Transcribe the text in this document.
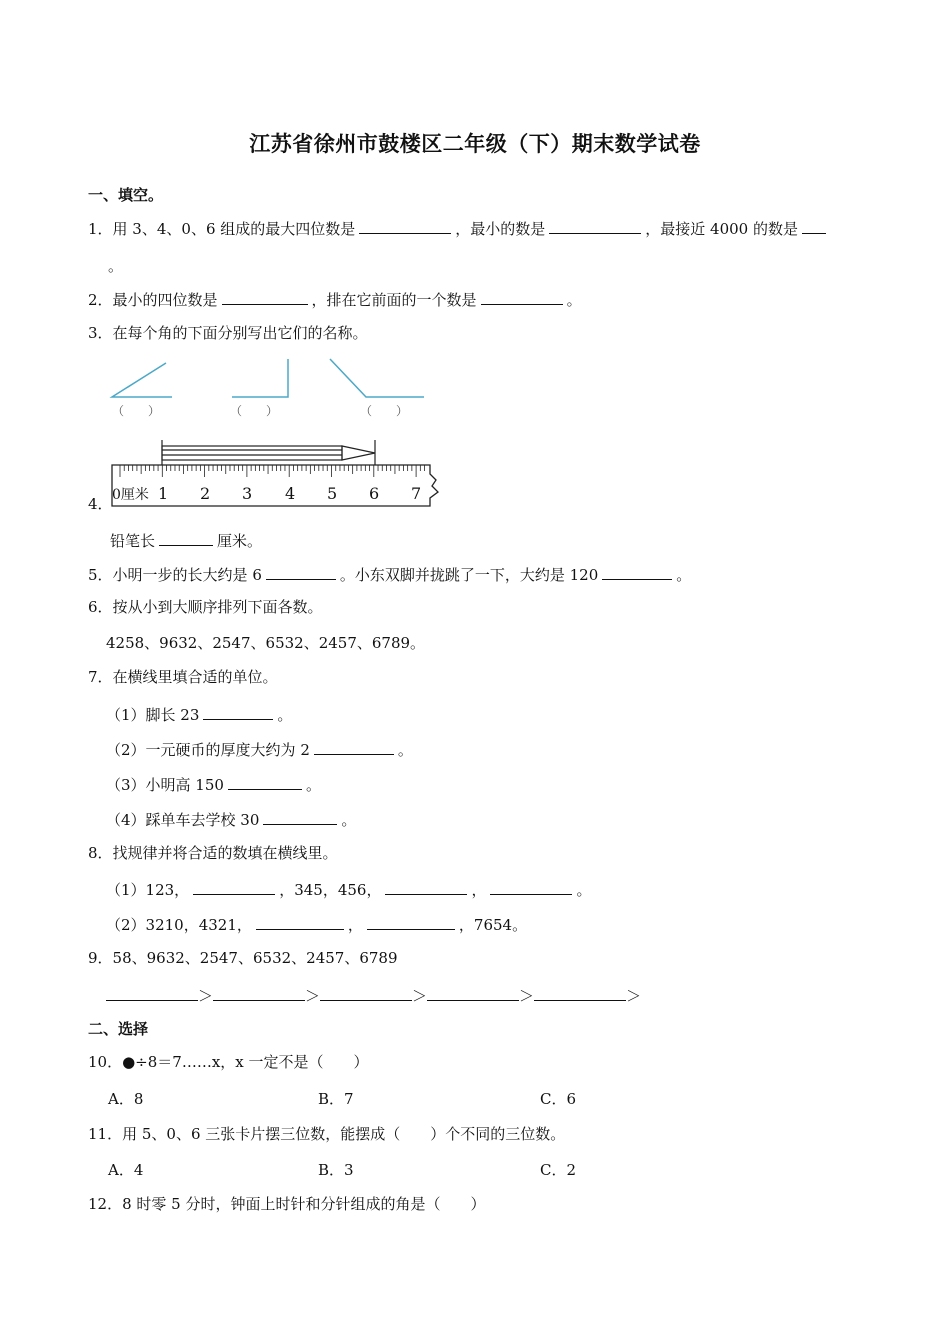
江苏省徐州市鼓楼区二年级（下）期末数学试卷
一、填空。
1．用 3、4、0、6 组成的最大四位数是	，最小的数是	，最接近 4000 的数是
。
2．最小的四位数是	，排在它前面的一个数是	。
3．在每个角的下面分别写出它们的名称。
（　　）	（　　）	（　　）
0厘米 1 2 3 4 5 6 7
4．
铅笔长	厘米。
5．小明一步的长大约是 6	。小东双脚并拢跳了一下，大约是 120	。
6．按从小到大顺序排列下面各数。
4258、9632、2547、6532、2457、6789。
7．在横线里填合适的单位。
（1）脚长 23	。
（2）一元硬币的厚度大约为 2	。
（3）小明高 150	。
（4）踩单车去学校 30	。
8．找规律并将合适的数填在横线里。
（1）123，	，345，456，	，	。
（2）3210，4321，	，	，7654。
9．58、9632、2547、6532、2457、6789
＞	＞	＞	＞	＞
二、选择
10．●÷8＝7……x，x 一定不是（　　）
A．8	B．7	C．6
11．用 5、0、6 三张卡片摆三位数，能摆成（　　）个不同的三位数。
A．4	B．3	C．2
12．8 时零 5 分时，钟面上时针和分针组成的角是（　　）
